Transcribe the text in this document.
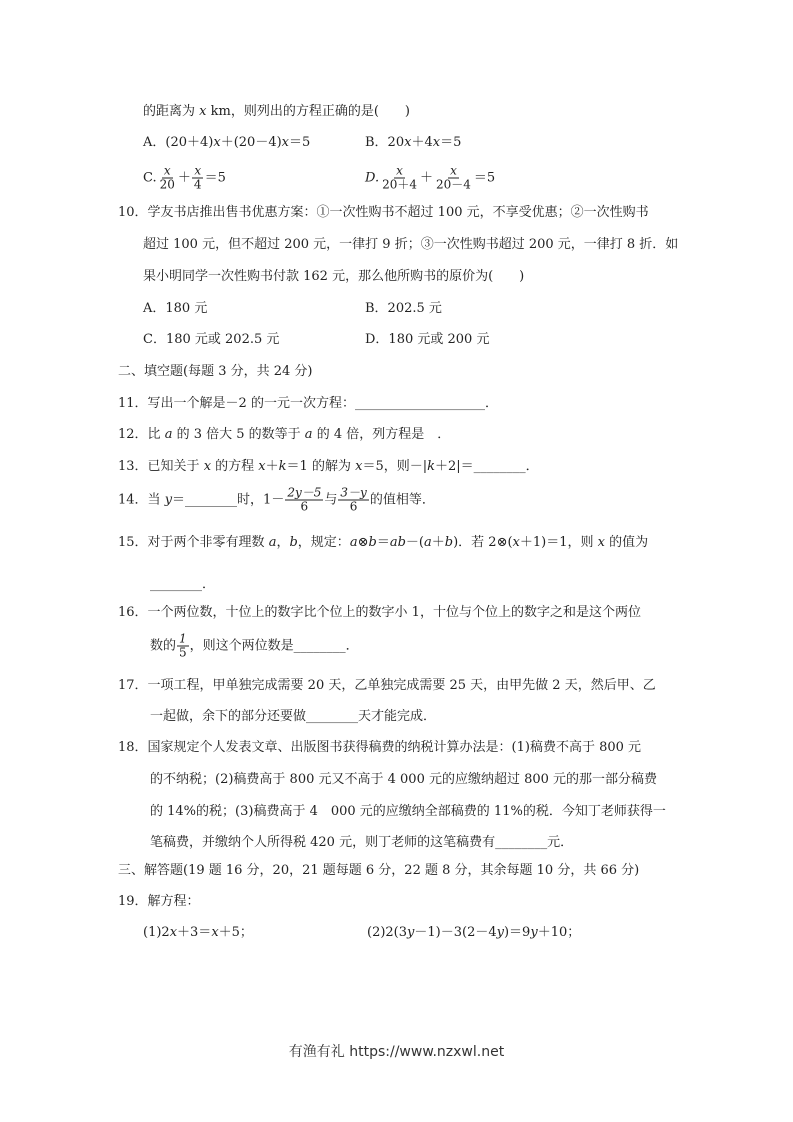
的距离为 x km，则列出的方程正确的是(　　)
A．(20＋4)x＋(20－4)x＝5	B．20x＋4x＝5
C. $\frac{x}{20} + \frac{x}{4} =5$	D. $\frac{x}{20+4} + \frac{x}{20-4} =5$
10．学友书店推出售书优惠方案：①一次性购书不超过 100 元，不享受优惠；②一次性购书
超过 100 元，但不超过 200 元，一律打 9 折；③一次性购书超过 200 元，一律打 8 折．如
果小明同学一次性购书付款 162 元，那么他所购书的原价为(　　)
A．180 元	B．202.5 元
C．180 元或 202.5 元	D．180 元或 200 元
二、填空题(每题 3 分，共 24 分)
11．写出一个解是－2 的一元一次方程：____________________．
12．比 a 的 3 倍大 5 的数等于 a 的 4 倍，列方程是　．
13．已知关于 x 的方程 x＋k＝1 的解为 x＝5，则－|k＋2|＝________．
14．当 y＝________时，$1- \frac{2y-5}{6}$ 与 $\frac{3-y}{6}$ 的值相等．
15．对于两个非零有理数 a，b，规定：a⊗b＝ab－(a＋b)．若 2⊗(x＋1)＝1，则 x 的值为
________．
16．一个两位数，十位上的数字比个位上的数字小 1，十位与个位上的数字之和是这个两位
数的 $\frac{1}{5}$ ，则这个两位数是________．
17．一项工程，甲单独完成需要 20 天，乙单独完成需要 25 天，由甲先做 2 天，然后甲、乙
一起做，余下的部分还要做________天才能完成．
18．国家规定个人发表文章、出版图书获得稿费的纳税计算办法是：(1)稿费不高于 800 元
的不纳税；(2)稿费高于 800 元又不高于 4 000 元的应缴纳超过 800 元的那一部分稿费
的 14%的税；(3)稿费高于 4　000 元的应缴纳全部稿费的 11%的税．今知丁老师获得一
笔稿费，并缴纳个人所得税 420 元，则丁老师的这笔稿费有________元．
三、解答题(19 题 16 分，20，21 题每题 6 分，22 题 8 分，其余每题 10 分，共 66 分)
19．解方程：
(1)2x＋3＝x＋5；	(2)2(3y－1)－3(2－4y)＝9y＋10；
有渔有礼 https://www.nzxwl.net
